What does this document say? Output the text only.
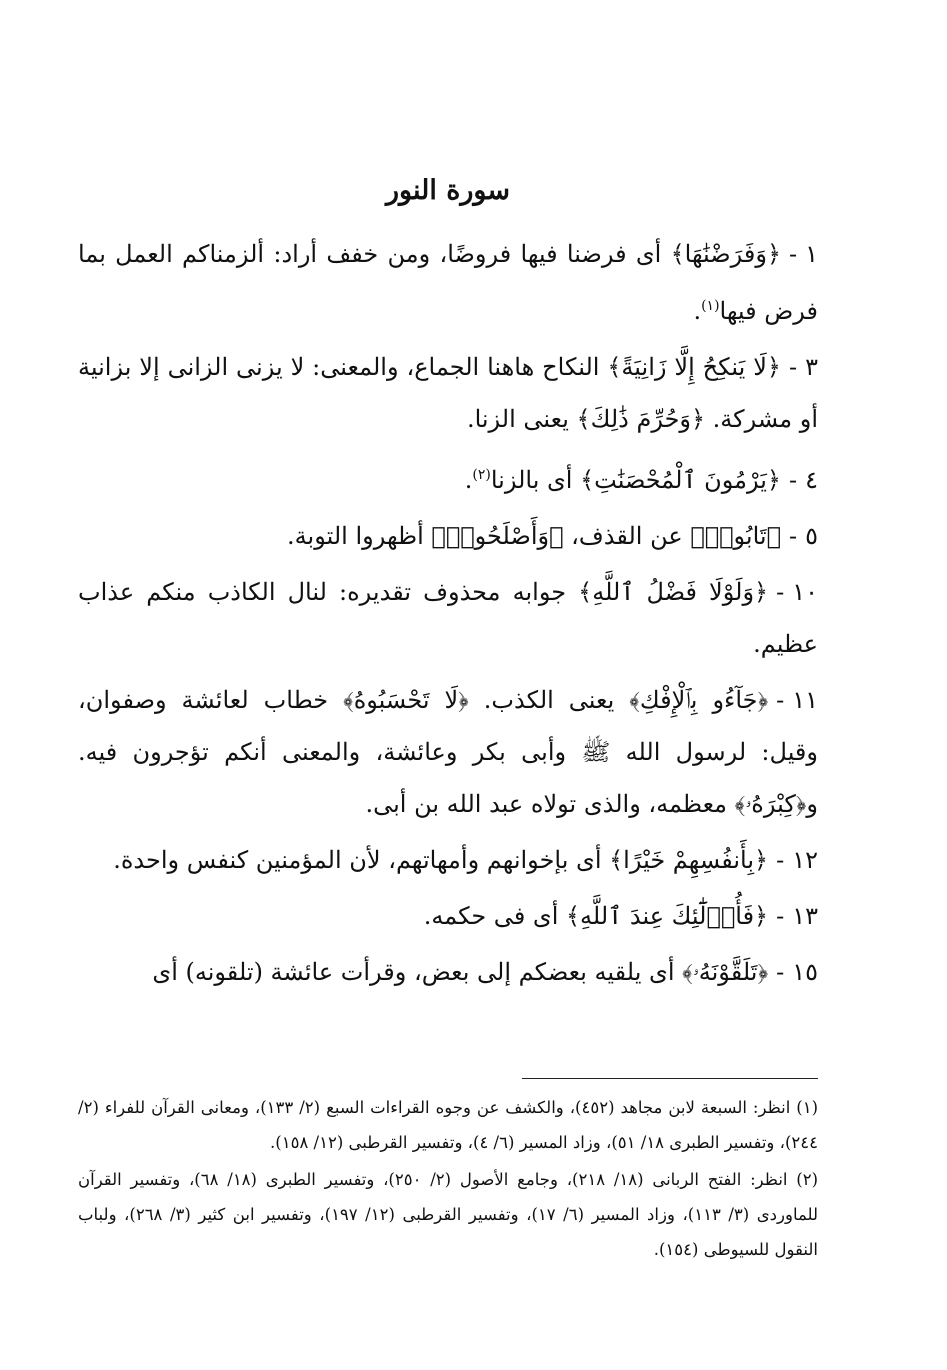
سورة النور

١-﴿وَفَرَضْنَٰهَا﴾ أى فرضنا فيها فروضًا، ومن خفف أراد: ألزمناكم العمل بما فرض فيها$^{(١)}$.

٣-﴿لَا يَنكِحُ إِلَّا زَانِيَةً﴾ النكاح هاهنا الجماع، والمعنى: لا يزنى الزانى إلا بزانية أو مشركة. ﴿وَحُرِّمَ ذَٰلِكَ﴾ يعنى الزنا.

٤-﴿يَرْمُونَ ٱلْمُحْصَنَٰتِ﴾ أى بالزنا$^{(٢)}$.

٥-﴿تَابُوا۟﴾ عن القذف، ﴿وَأَصْلَحُوا۟﴾ أظهروا التوبة.

١٠-﴿وَلَوْلَا فَضْلُ ٱللَّهِ﴾ جوابه محذوف تقديره: لنال الكاذب منكم عذاب عظيم.

١١-﴿جَآءُو بِٱلْإِفْكِ﴾ يعنى الكذب. ﴿لَا تَحْسَبُوهُ﴾ خطاب لعائشة وصفوان، وقيل: لرسول الله ﷺ وأبى بكر وعائشة، والمعنى أنكم تؤجرون فيه. و﴿كِبْرَهُۥ﴾ معظمه، والذى تولاه عبد الله بن أبى.

١٢-﴿بِأَنفُسِهِمْ خَيْرًا﴾ أى بإخوانهم وأمهاتهم، لأن المؤمنين كنفس واحدة.

١٣-﴿فَأُو۟لَٰٓئِكَ عِندَ ٱللَّهِ﴾ أى فى حكمه.

١٥-﴿تَلَقَّوْنَهُۥ﴾ أى يلقيه بعضكم إلى بعض، وقرأت عائشة (تلقونه) أى

(١) انظر: السبعة لابن مجاهد (٤٥٢)، والكشف عن وجوه القراءات السبع (٢/ ١٣٣)، ومعانى القرآن للفراء (٢/ ٢٤٤)، وتفسير الطبرى ١٨/ ٥١)، وزاد المسير (٦/ ٤)، وتفسير القرطبى (١٢/ ١٥٨).

(٢) انظر: الفتح الربانى (١٨/ ٢١٨)، وجامع الأصول (٢/ ٢٥٠)، وتفسير الطبرى (١٨/ ٦٨)، وتفسير القرآن للماوردى (٣/ ١١٣)، وزاد المسير (٦/ ١٧)، وتفسير القرطبى (١٢/ ١٩٧)، وتفسير ابن كثير (٣/ ٢٦٨)، ولباب النقول للسيوطى (١٥٤).
